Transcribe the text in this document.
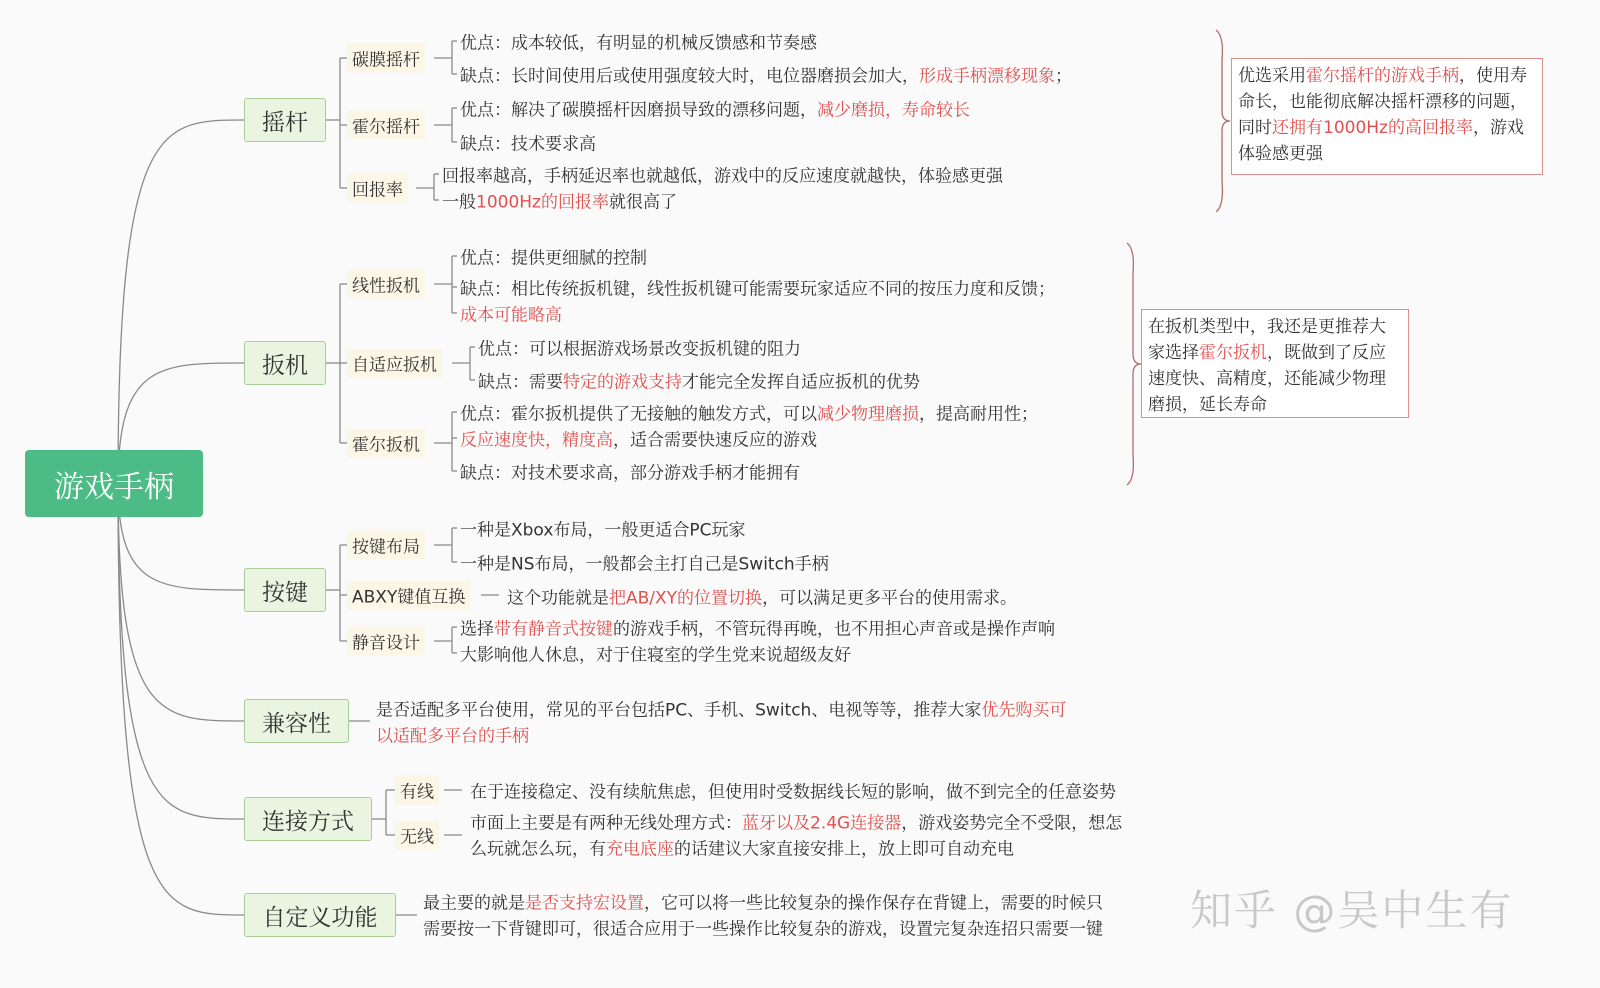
游戏手柄
摇杆
碳膜摇杆
优点：成本较低，有明显的机械反馈感和节奏感
缺点：长时间使用后或使用强度较大时，电位器磨损会加大，形成手柄漂移现象；
霍尔摇杆
优点：解决了碳膜摇杆因磨损导致的漂移问题，减少磨损，寿命较长
缺点：技术要求高
回报率
回报率越高，手柄延迟率也就越低，游戏中的反应速度就越快，体验感更强
一般1000Hz的回报率就很高了
扳机
线性扳机
优点：提供更细腻的控制
缺点：相比传统扳机键，线性扳机键可能需要玩家适应不同的按压力度和反馈；
成本可能略高
自适应扳机
优点：可以根据游戏场景改变扳机键的阻力
缺点：需要特定的游戏支持才能完全发挥自适应扳机的优势
霍尔扳机
优点：霍尔扳机提供了无接触的触发方式，可以减少物理磨损，提高耐用性；
反应速度快，精度高，适合需要快速反应的游戏
缺点：对技术要求高，部分游戏手柄才能拥有
按键
按键布局
一种是Xbox布局，一般更适合PC玩家
一种是NS布局，一般都会主打自己是Switch手柄
ABXY键值互换 这个功能就是把AB/XY的位置切换，可以满足更多平台的使用需求。
静音设计
选择带有静音式按键的游戏手柄，不管玩得再晚，也不用担心声音或是操作声响
大影响他人休息，对于住寝室的学生党来说超级友好
兼容性	是否适配多平台使用，常见的平台包括PC、手机、Switch、电视等等，推荐大家优先购买可
以适配多平台的手柄
连接方式
有线 在于连接稳定、没有续航焦虑，但使用时受数据线长短的影响，做不到完全的任意姿势
无线
市面上主要是有两种无线处理方式：蓝牙以及2.4G连接器，游戏姿势完全不受限，想怎
么玩就怎么玩，有充电底座的话建议大家直接安排上，放上即可自动充电
自定义功能
最主要的就是是否支持宏设置，它可以将一些比较复杂的操作保存在背键上，需要的时候只
需要按一下背键即可，很适合应用于一些操作比较复杂的游戏，设置完复杂连招只需要一键
优选采用霍尔摇杆的游戏手柄，使用寿命长，也能彻底解决摇杆漂移的问题，同时还拥有1000Hz的高回报率，游戏体验感更强
在扳机类型中，我还是更推荐大家选择霍尔扳机，既做到了反应速度快、高精度，还能减少物理磨损，延长寿命
知乎 @吴中生有
